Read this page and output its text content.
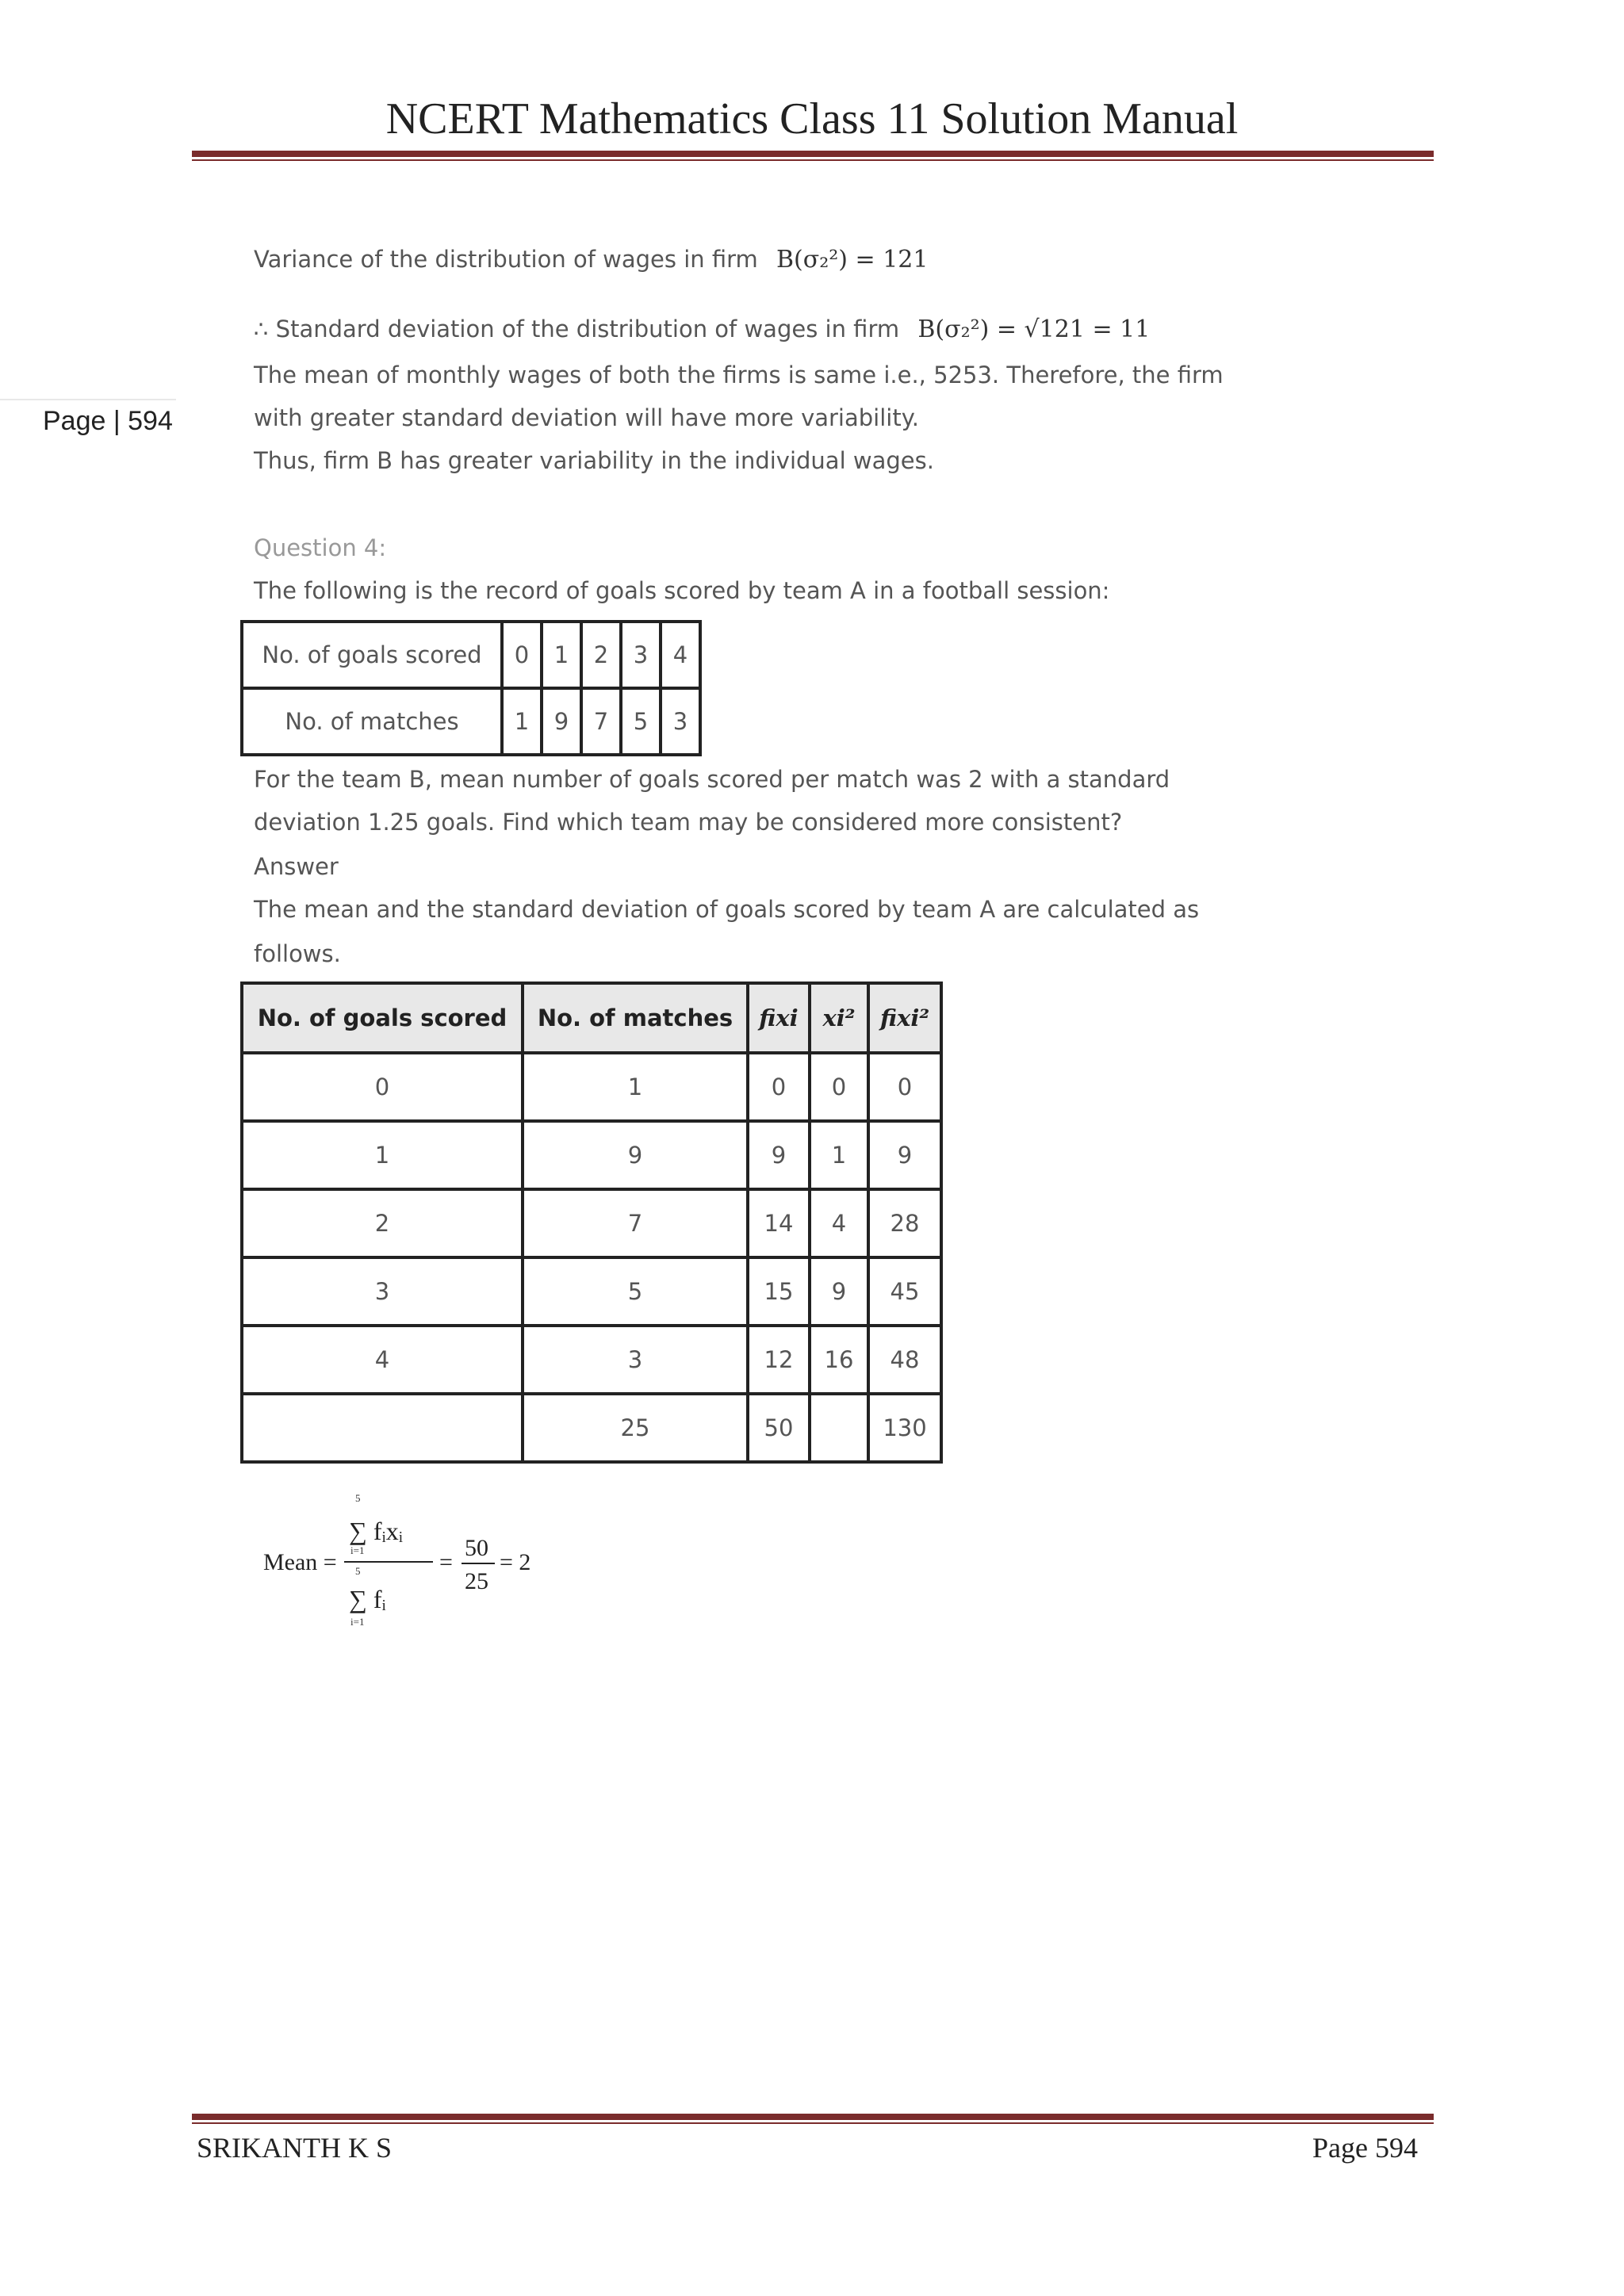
NCERT Mathematics Class 11 Solution Manual
Page | 594
Variance of the distribution of wages in firm B(σ₂²) = 121
∴ Standard deviation of the distribution of wages in firm B(σ₂²) = √121 = 11
The mean of monthly wages of both the firms is same i.e., 5253. Therefore, the firm
with greater standard deviation will have more variability.
Thus, firm B has greater variability in the individual wages.
Question 4:
The following is the record of goals scored by team A in a football session:
No. of goals scored	0	1	2	3	4
No. of matches	1	9	7	5	3
For the team B, mean number of goals scored per match was 2 with a standard
deviation 1.25 goals. Find which team may be considered more consistent?
Answer
The mean and the standard deviation of goals scored by team A are calculated as
follows.
No. of goals scored	No. of matches	fixi	xi²	fixi²
0	1	0	0	0
1	9	9	1	9
2	7	14	4	28
3	5	15	9	45
4	3	12	16	48
	25	50		130
Mean =
5
∑ fᵢxᵢ
i=1
5
∑ fᵢ
i=1
=
50
25
= 2
SRIKANTH K S	Page 594
